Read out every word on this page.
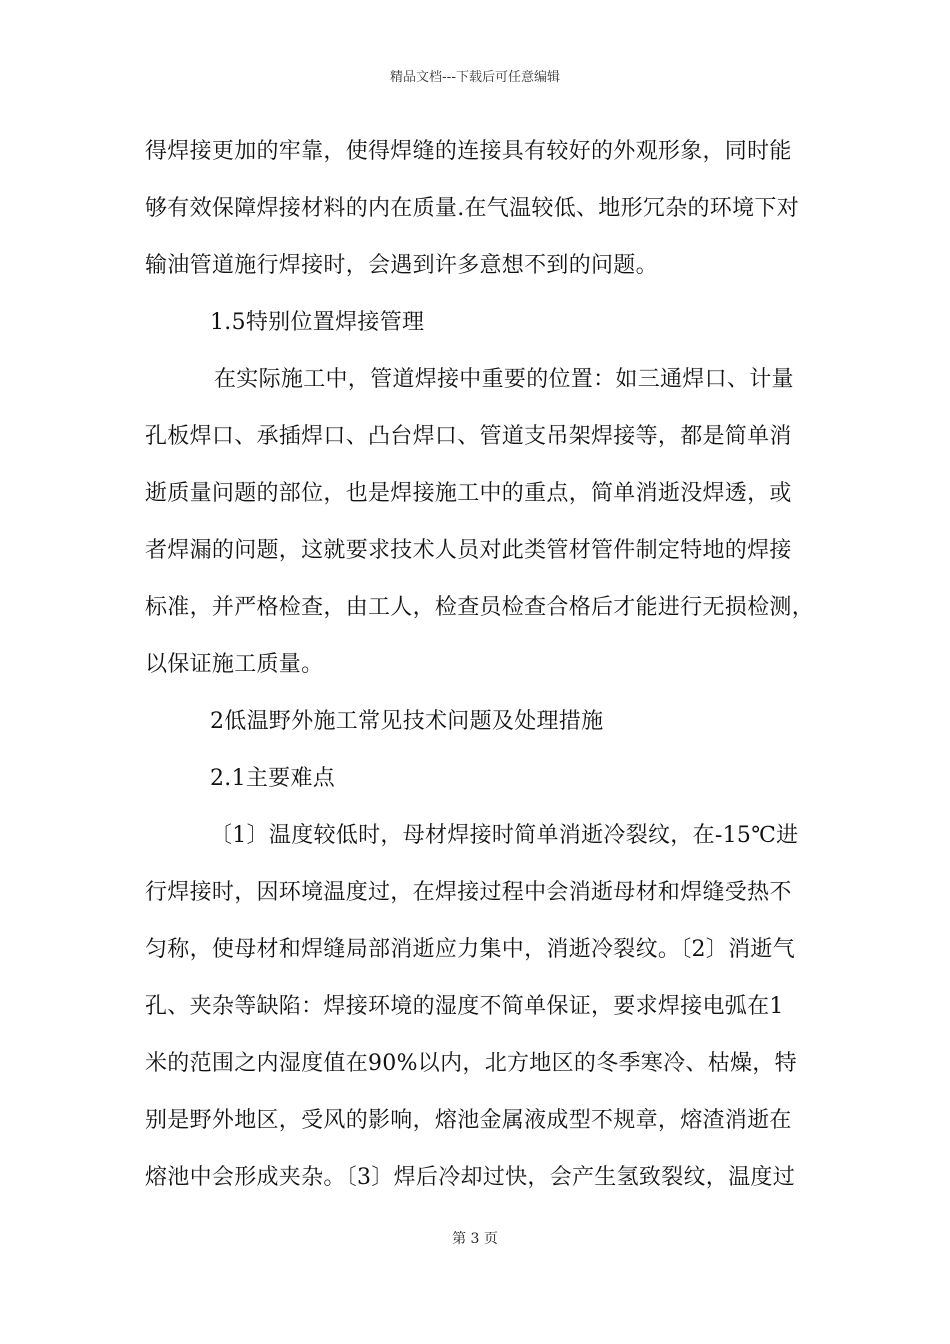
精品文档---下载后可任意编辑
得焊接更加的牢靠，使得焊缝的连接具有较好的外观形象，同时能
够有效保障焊接材料的内在质量.在气温较低、地形冗杂的环境下对
输油管道施行焊接时，会遇到许多意想不到的问题。
1.5特别位置焊接管理
在实际施工中，管道焊接中重要的位置：如三通焊口、计量
孔板焊口、承插焊口、凸台焊口、管道支吊架焊接等，都是简单消
逝质量问题的部位，也是焊接施工中的重点，简单消逝没焊透，或
者焊漏的问题，这就要求技术人员对此类管材管件制定特地的焊接
标准，并严格检查，由工人，检查员检查合格后才能进行无损检测，
以保证施工质量。
2低温野外施工常见技术问题及处理措施
2.1主要难点
〔1〕温度较低时，母材焊接时简单消逝冷裂纹，在-15℃进
行焊接时，因环境温度过，在焊接过程中会消逝母材和焊缝受热不
匀称，使母材和焊缝局部消逝应力集中，消逝冷裂纹。〔2〕消逝气
孔、夹杂等缺陷：焊接环境的湿度不简单保证，要求焊接电弧在1
米的范围之内湿度值在90%以内，北方地区的冬季寒冷、枯燥，特
别是野外地区，受风的影响，熔池金属液成型不规章，熔渣消逝在
熔池中会形成夹杂。〔3〕焊后冷却过快，会产生氢致裂纹，温度过
第 3 页
